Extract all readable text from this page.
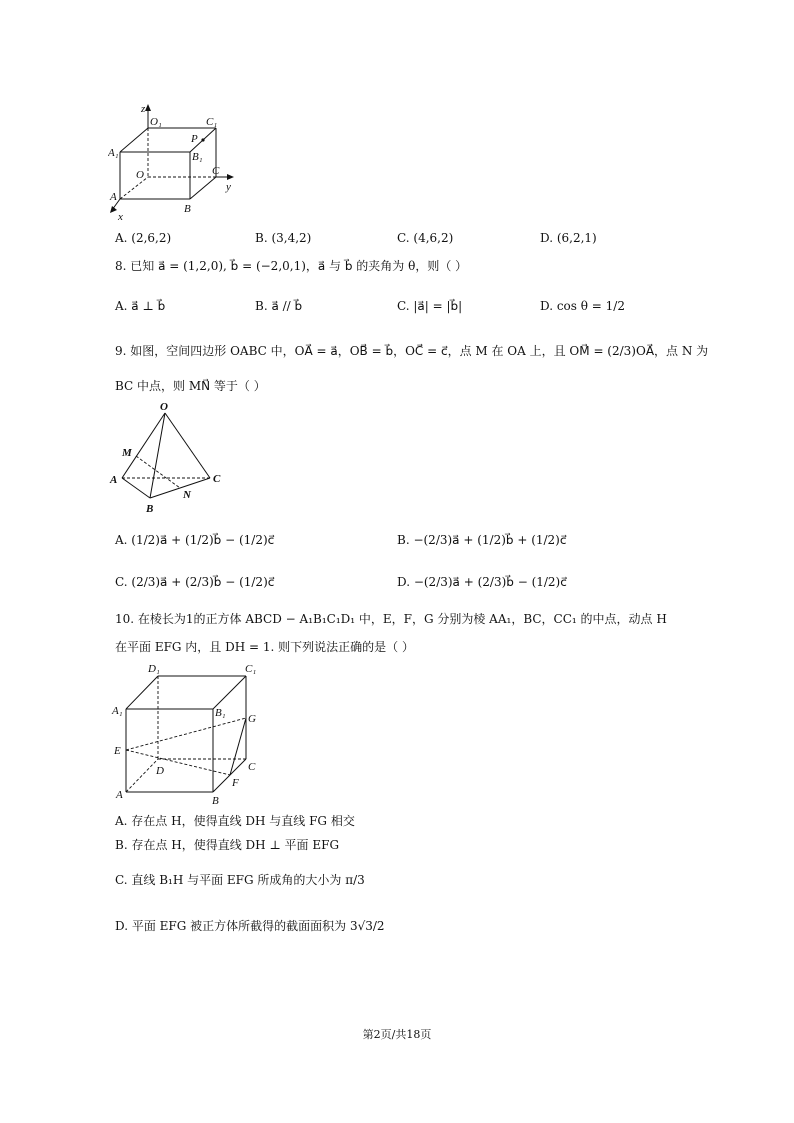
z
O₁	C₁
A₁
P
B₁
O	C
y
A
B
x
A. (2,6,2)	B. (3,4,2)	C. (4,6,2)	D. (6,2,1)
8. 已知 a⃗ = (1,2,0), b⃗ = (−2,0,1)，a⃗ 与 b⃗ 的夹角为 θ，则（ ）
A. a⃗ ⊥ b⃗	B. a⃗ // b⃗	C. |a⃗| = |b⃗|	D. cos θ = 1/2
9. 如图，空间四边形 OABC 中，OA⃗ = a⃗，OB⃗ = b⃗，OC⃗ = c⃗，点 M 在 OA 上，且 OM⃗ = (2/3)OA⃗，点 N 为
BC 中点，则 MN⃗ 等于（ ）
O
M
A	C
N
B
A. (1/2)a⃗ + (1/2)b⃗ − (1/2)c⃗	B. −(2/3)a⃗ + (1/2)b⃗ + (1/2)c⃗
C. (2/3)a⃗ + (2/3)b⃗ − (1/2)c⃗	D. −(2/3)a⃗ + (2/3)b⃗ − (1/2)c⃗
10. 在棱长为1的正方体 ABCD − A₁B₁C₁D₁ 中，E，F，G 分别为棱 AA₁，BC，CC₁ 的中点，动点 H
在平面 EFG 内，且 DH = 1. 则下列说法正确的是（ ）
D₁	C₁
A₁	B₁ G
E
D	C
F
A	B
A. 存在点 H，使得直线 DH 与直线 FG 相交
B. 存在点 H，使得直线 DH ⊥ 平面 EFG
C. 直线 B₁H 与平面 EFG 所成角的大小为 π/3
D. 平面 EFG 被正方体所截得的截面面积为 3√3/2
第2页/共18页
